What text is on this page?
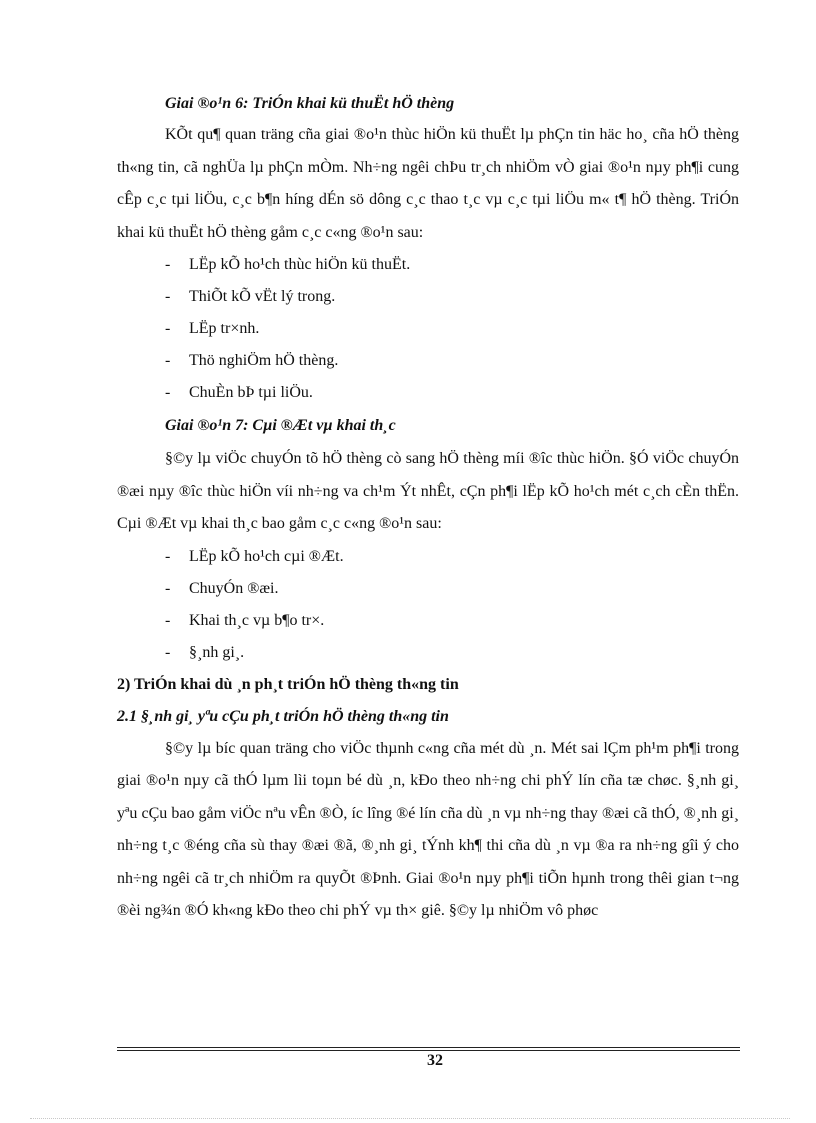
Giai ®o¹n 6: TriÓn khai kü thuËt hÖ thèng

KÕt qu¶ quan träng cña giai ®o¹n thùc hiÖn kü thuËt lµ phÇn tin häc ho¸ cña hÖ thèng th«ng tin, cã nghÜa lµ phÇn mÒm. Nh÷ng ngêi chÞu tr¸ch nhiÖm vÒ giai ®o¹n nµy ph¶i cung cÊp c¸c tµi liÖu, c¸c b¶n híng dÉn sö dông c¸c thao t¸c vµ c¸c tµi liÖu m« t¶ hÖ thèng. TriÓn khai kü thuËt hÖ thèng gåm c¸c c«ng ®o¹n sau:

- LËp kÕ ho¹ch thùc hiÖn kü thuËt.
- ThiÕt kÕ vËt lý trong.
- LËp tr×nh.
- Thö nghiÖm hÖ thèng.
- ChuÈn bÞ tµi liÖu.

Giai ®o¹n 7: Cµi ®Æt vµ khai th¸c

§©y lµ viÖc chuyÓn tõ hÖ thèng cò sang hÖ thèng míi ®îc thùc hiÖn. §Ó viÖc chuyÓn ®æi nµy ®îc thùc hiÖn víi nh÷ng va ch¹m Ýt nhÊt, cÇn ph¶i lËp kÕ ho¹ch mét c¸ch cÈn thËn. Cµi ®Æt vµ khai th¸c bao gåm c¸c c«ng ®o¹n sau:

- LËp kÕ ho¹ch cµi ®Æt.
- ChuyÓn ®æi.
- Khai th¸c vµ b¶o tr×.
- §¸nh gi¸.

2) TriÓn khai dù ¸n ph¸t triÓn hÖ thèng th«ng tin

2.1 §¸nh gi¸ yªu cÇu ph¸t triÓn hÖ thèng th«ng tin

§©y lµ bíc quan träng cho viÖc thµnh c«ng cña mét dù ¸n. Mét sai lÇm ph¹m ph¶i trong giai ®o¹n nµy cã thÓ lµm lìi toµn bé dù ¸n, kÐo theo nh÷ng chi phÝ lín cña tæ chøc. §¸nh gi¸ yªu cÇu bao gåm viÖc nªu vÊn ®Ò, íc lîng ®é lín cña dù ¸n vµ nh÷ng thay ®æi cã thÓ, ®¸nh gi¸ nh÷ng t¸c ®éng cña sù thay ®æi ®ã, ®¸nh gi¸ tÝnh kh¶ thi cña dù ¸n vµ ®a ra nh÷ng gîi ý cho nh÷ng ngêi cã tr¸ch nhiÖm ra quyÕt ®Þnh. Giai ®o¹n nµy ph¶i tiÕn hµnh trong thêi gian t¬ng ®èi ng¾n ®Ó kh«ng kÐo theo chi phÝ vµ th× giê. §©y lµ nhiÖm vô phøc

32
